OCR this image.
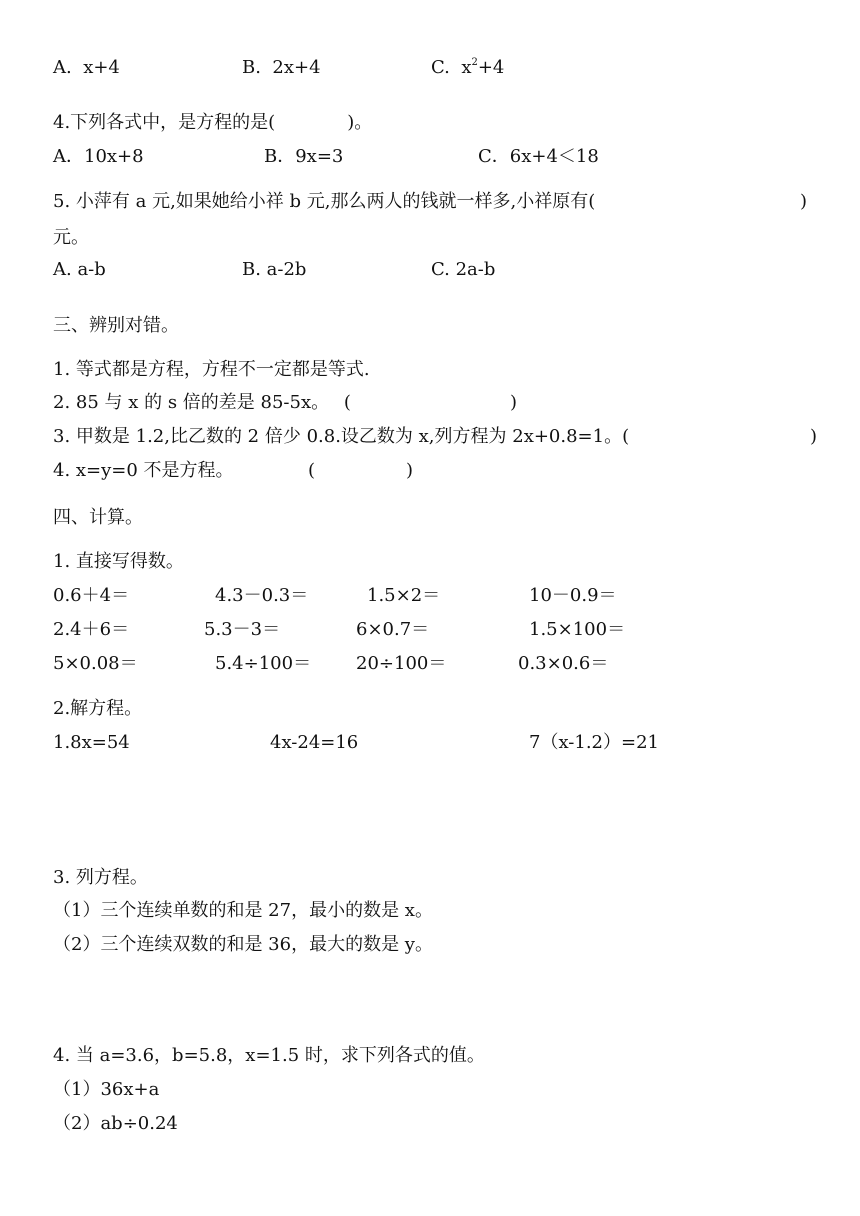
A. x+4	B. 2x+4	C. $x^2+4$
4.下列各式中，是方程的是(　　　　)。
A．10x+8	B．9x=3	C．6x+4＜18
5. 小萍有 a 元,如果她给小祥 b 元,那么两人的钱就一样多,小祥原有(	)
元。
A. a-b	B. a-2b	C. 2a-b
三、辨别对错。
1. 等式都是方程，方程不一定都是等式.
2. 85 与 x 的 s 倍的差是 85-5x。　 (	)
3. 甲数是 1.2,比乙数的 2 倍少 0.8.设乙数为 x,列方程为 2x+0.8=1。(	)
4. x=y=0 不是方程。	(	)
四、计算。
1. 直接写得数。
0.6＋4＝	4.3－0.3＝	1.5×2＝	10－0.9＝
2.4＋6＝	5.3－3＝	6×0.7＝	1.5×100＝
5×0.08＝	5.4÷100＝ 20÷100＝	0.3×0.6＝
2.解方程。
1.8x=54	4x-24=16	7（x-1.2）=21
3. 列方程。
（1）三个连续单数的和是 27，最小的数是 x。
（2）三个连续双数的和是 36，最大的数是 y。
4. 当 a=3.6，b=5.8，x=1.5 时，求下列各式的值。
（1）36x+a
（2）ab÷0.24
